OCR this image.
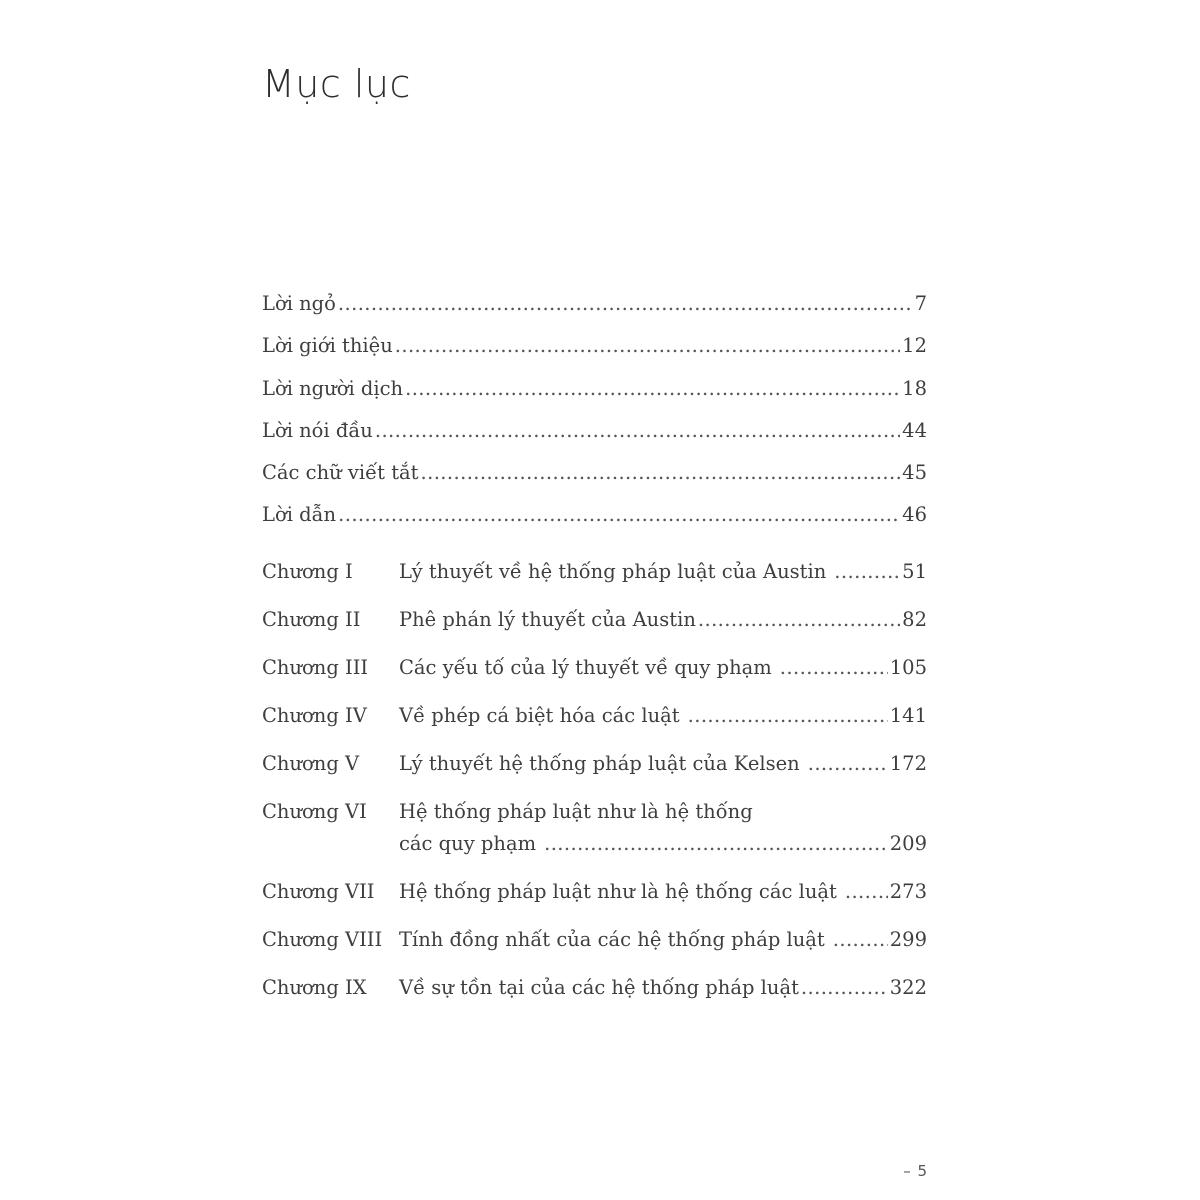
Mục lục
Lời ngỏ .....	7
Lời giới thiệu .....	12
Lời người dịch .....	18
Lời nói đầu .....	44
Các chữ viết tắt .....	45
Lời dẫn .....	46
Chương I	Lý thuyết về hệ thống pháp luật của Austin .....	51
Chương II	Phê phán lý thuyết của Austin .....	82
Chương III	Các yếu tố của lý thuyết về quy phạm .....	105
Chương IV	Về phép cá biệt hóa các luật .....	141
Chương V	Lý thuyết hệ thống pháp luật của Kelsen .....	172
Chương VI	Hệ thống pháp luật như là hệ thống
các quy phạm .....	209
Chương VII	Hệ thống pháp luật như là hệ thống các luật .....	273
Chương VIII Tính đồng nhất của các hệ thống pháp luật .....	299
Chương IX	Về sự tồn tại của các hệ thống pháp luật .....	322
– 5
